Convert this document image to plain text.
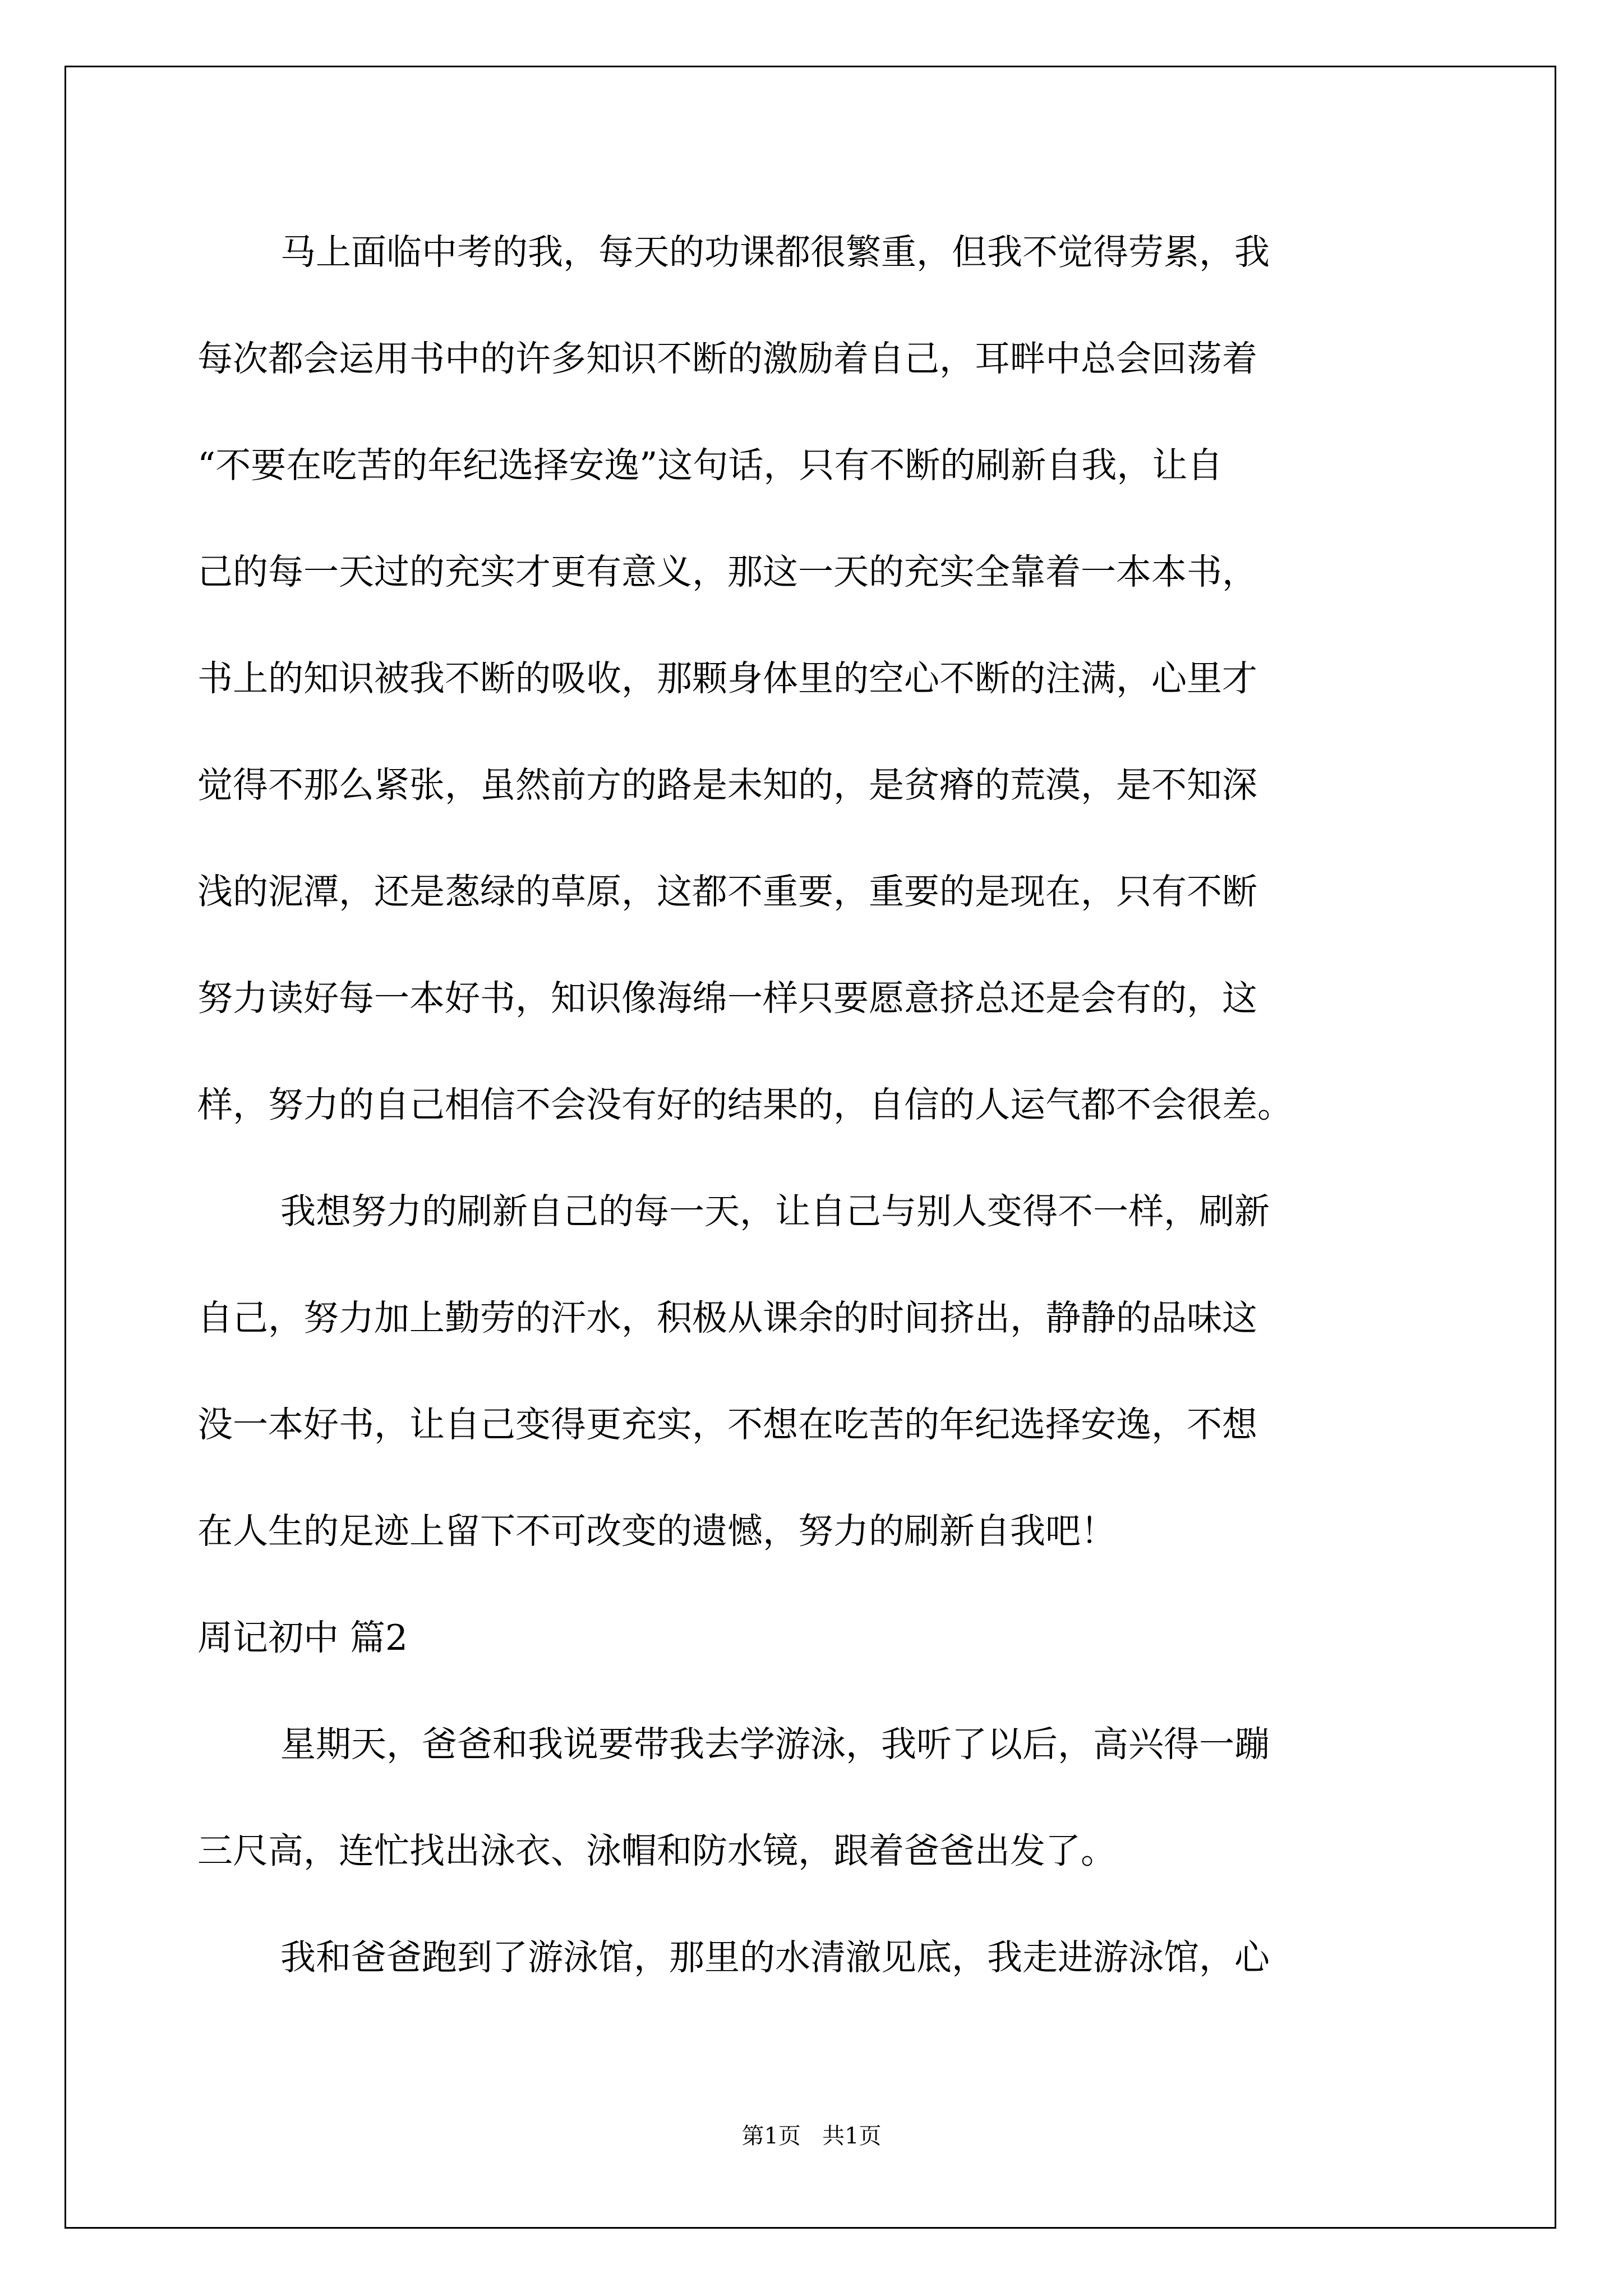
马上面临中考的我，每天的功课都很繁重，但我不觉得劳累，我
每次都会运用书中的许多知识不断的激励着自己，耳畔中总会回荡着
“不要在吃苦的年纪选择安逸”这句话，只有不断的刷新自我，让自
己的每一天过的充实才更有意义，那这一天的充实全靠着一本本书，
书上的知识被我不断的吸收，那颗身体里的空心不断的注满，心里才
觉得不那么紧张，虽然前方的路是未知的，是贫瘠的荒漠，是不知深
浅的泥潭，还是葱绿的草原，这都不重要，重要的是现在，只有不断
努力读好每一本好书，知识像海绵一样只要愿意挤总还是会有的，这
样，努力的自己相信不会没有好的结果的，自信的人运气都不会很差。
我想努力的刷新自己的每一天，让自己与别人变得不一样，刷新
自己，努力加上勤劳的汗水，积极从课余的时间挤出，静静的品味这
没一本好书，让自己变得更充实，不想在吃苦的年纪选择安逸，不想
在人生的足迹上留下不可改变的遗憾，努力的刷新自我吧！
周记初中 篇2
星期天，爸爸和我说要带我去学游泳，我听了以后，高兴得一蹦
三尺高，连忙找出泳衣、泳帽和防水镜，跟着爸爸出发了。
我和爸爸跑到了游泳馆，那里的水清澈见底，我走进游泳馆，心
第1页 共1页
